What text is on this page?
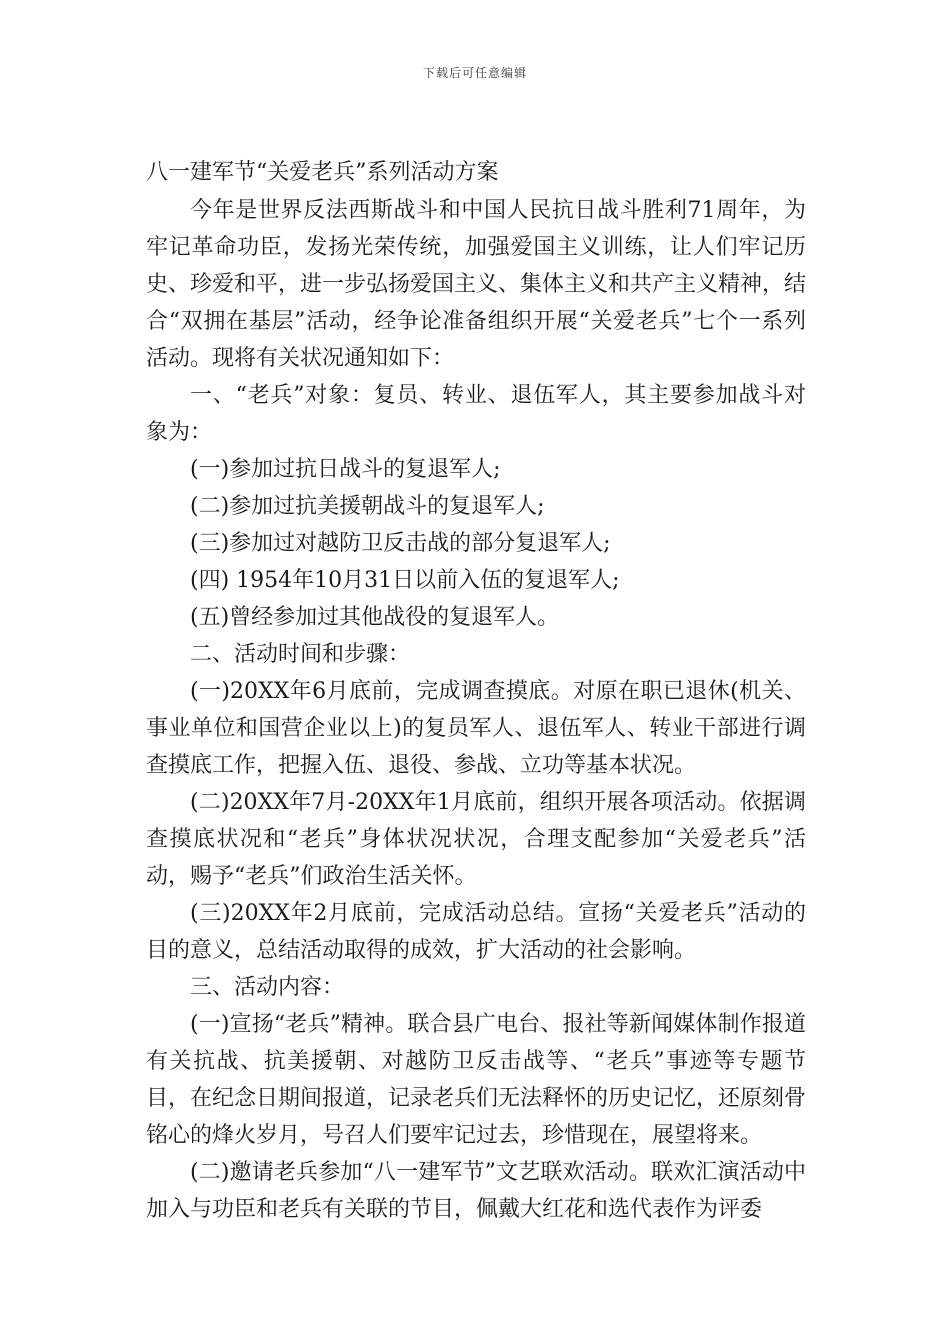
下载后可任意编辑

八一建军节“关爱老兵”系列活动方案

今年是世界反法西斯战斗和中国人民抗日战斗胜利71周年，为牢记革命功臣，发扬光荣传统，加强爱国主义训练，让人们牢记历史、珍爱和平，进一步弘扬爱国主义、集体主义和共产主义精神，结合“双拥在基层”活动，经争论准备组织开展“关爱老兵”七个一系列活动。现将有关状况通知如下：

一、“老兵”对象：复员、转业、退伍军人，其主要参加战斗对象为：

(一)参加过抗日战斗的复退军人;

(二)参加过抗美援朝战斗的复退军人;

(三)参加过对越防卫反击战的部分复退军人;

(四) 1954年10月31日以前入伍的复退军人;

(五)曾经参加过其他战役的复退军人。

二、活动时间和步骤：

(一)20XX年6月底前，完成调查摸底。对原在职已退休(机关、事业单位和国营企业以上)的复员军人、退伍军人、转业干部进行调查摸底工作，把握入伍、退役、参战、立功等基本状况。

(二)20XX年7月-20XX年1月底前，组织开展各项活动。依据调查摸底状况和“老兵”身体状况状况，合理支配参加“关爱老兵”活动，赐予“老兵”们政治生活关怀。

(三)20XX年2月底前，完成活动总结。宣扬“关爱老兵”活动的目的意义，总结活动取得的成效，扩大活动的社会影响。

三、活动内容：

(一)宣扬“老兵”精神。联合县广电台、报社等新闻媒体制作报道有关抗战、抗美援朝、对越防卫反击战等、“老兵”事迹等专题节目，在纪念日期间报道，记录老兵们无法释怀的历史记忆，还原刻骨铭心的烽火岁月，号召人们要牢记过去，珍惜现在，展望将来。

(二)邀请老兵参加“八一建军节”文艺联欢活动。联欢汇演活动中加入与功臣和老兵有关联的节目，佩戴大红花和选代表作为评委
